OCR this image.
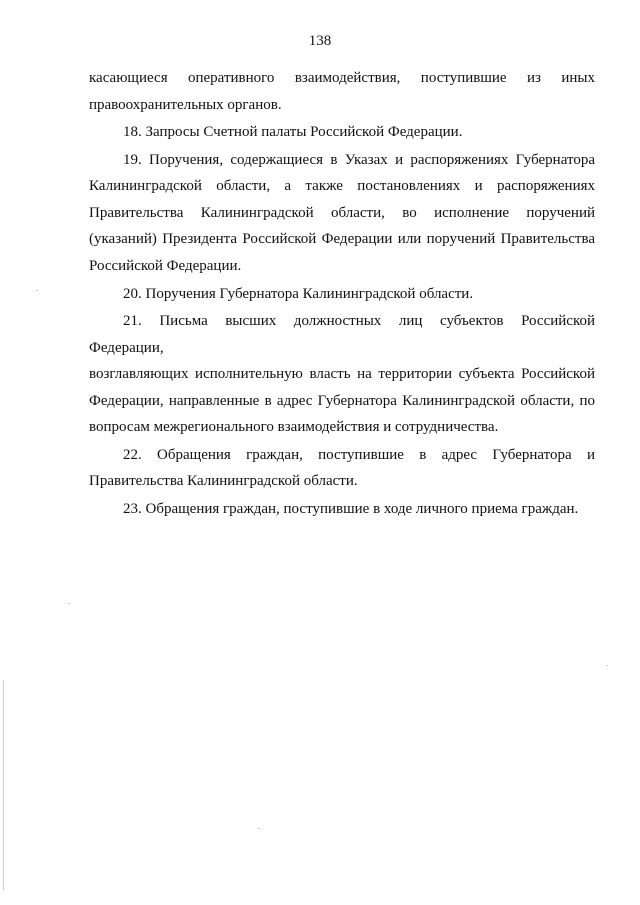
138

касающиеся оперативного взаимодействия, поступившие из иных
правоохранительных органов.

18. Запросы Счетной палаты Российской Федерации.

19. Поручения, содержащиеся в Указах и распоряжениях Губернатора
Калининградской области, а также постановлениях и распоряжениях
Правительства Калининградской области, во исполнение поручений
(указаний) Президента Российской Федерации или поручений Правительства
Российской Федерации.

20. Поручения Губернатора Калининградской области.

21. Письма высших должностных лиц субъектов Российской
Федерации,
возглавляющих исполнительную власть на территории субъекта Российской
Федерации, направленные в адрес Губернатора Калининградской области, по
вопросам межрегионального взаимодействия и сотрудничества.

22. Обращения граждан, поступившие в адрес Губернатора и
Правительства Калининградской области.

23. Обращения граждан, поступившие в ходе личного приема граждан.
